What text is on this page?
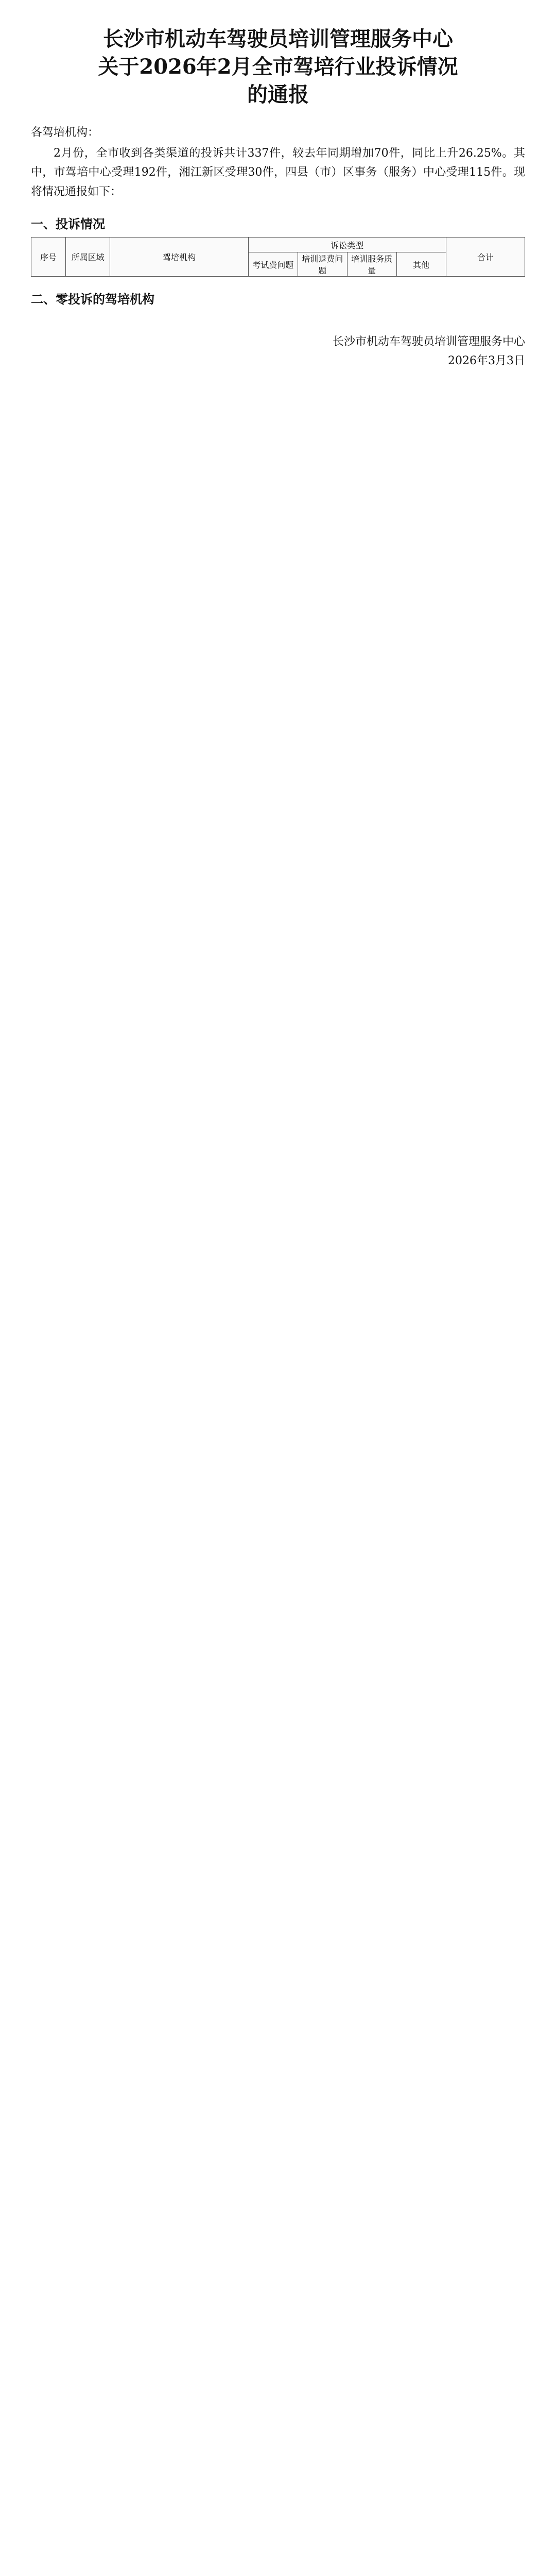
长沙市机动车驾驶员培训管理服务中心
关于2026年2月全市驾培行业投诉情况
的通报
各驾培机构：

2月份，全市收到各类渠道的投诉共计337件，较去年同期增加70件，同比上升26.25%。其中，市驾培中心受理192件，湘江新区受理30件，四县（市）区事务（服务）中心受理115件。现将情况通报如下：

一、投诉情况
序号	所属区域	驾培机构	诉讼类型				合计
			考试费问题	培训退费问题	培训服务质量	其他	
二、零投诉的驾培机构

长沙市机动车驾驶员培训管理服务中心
2026年3月3日
